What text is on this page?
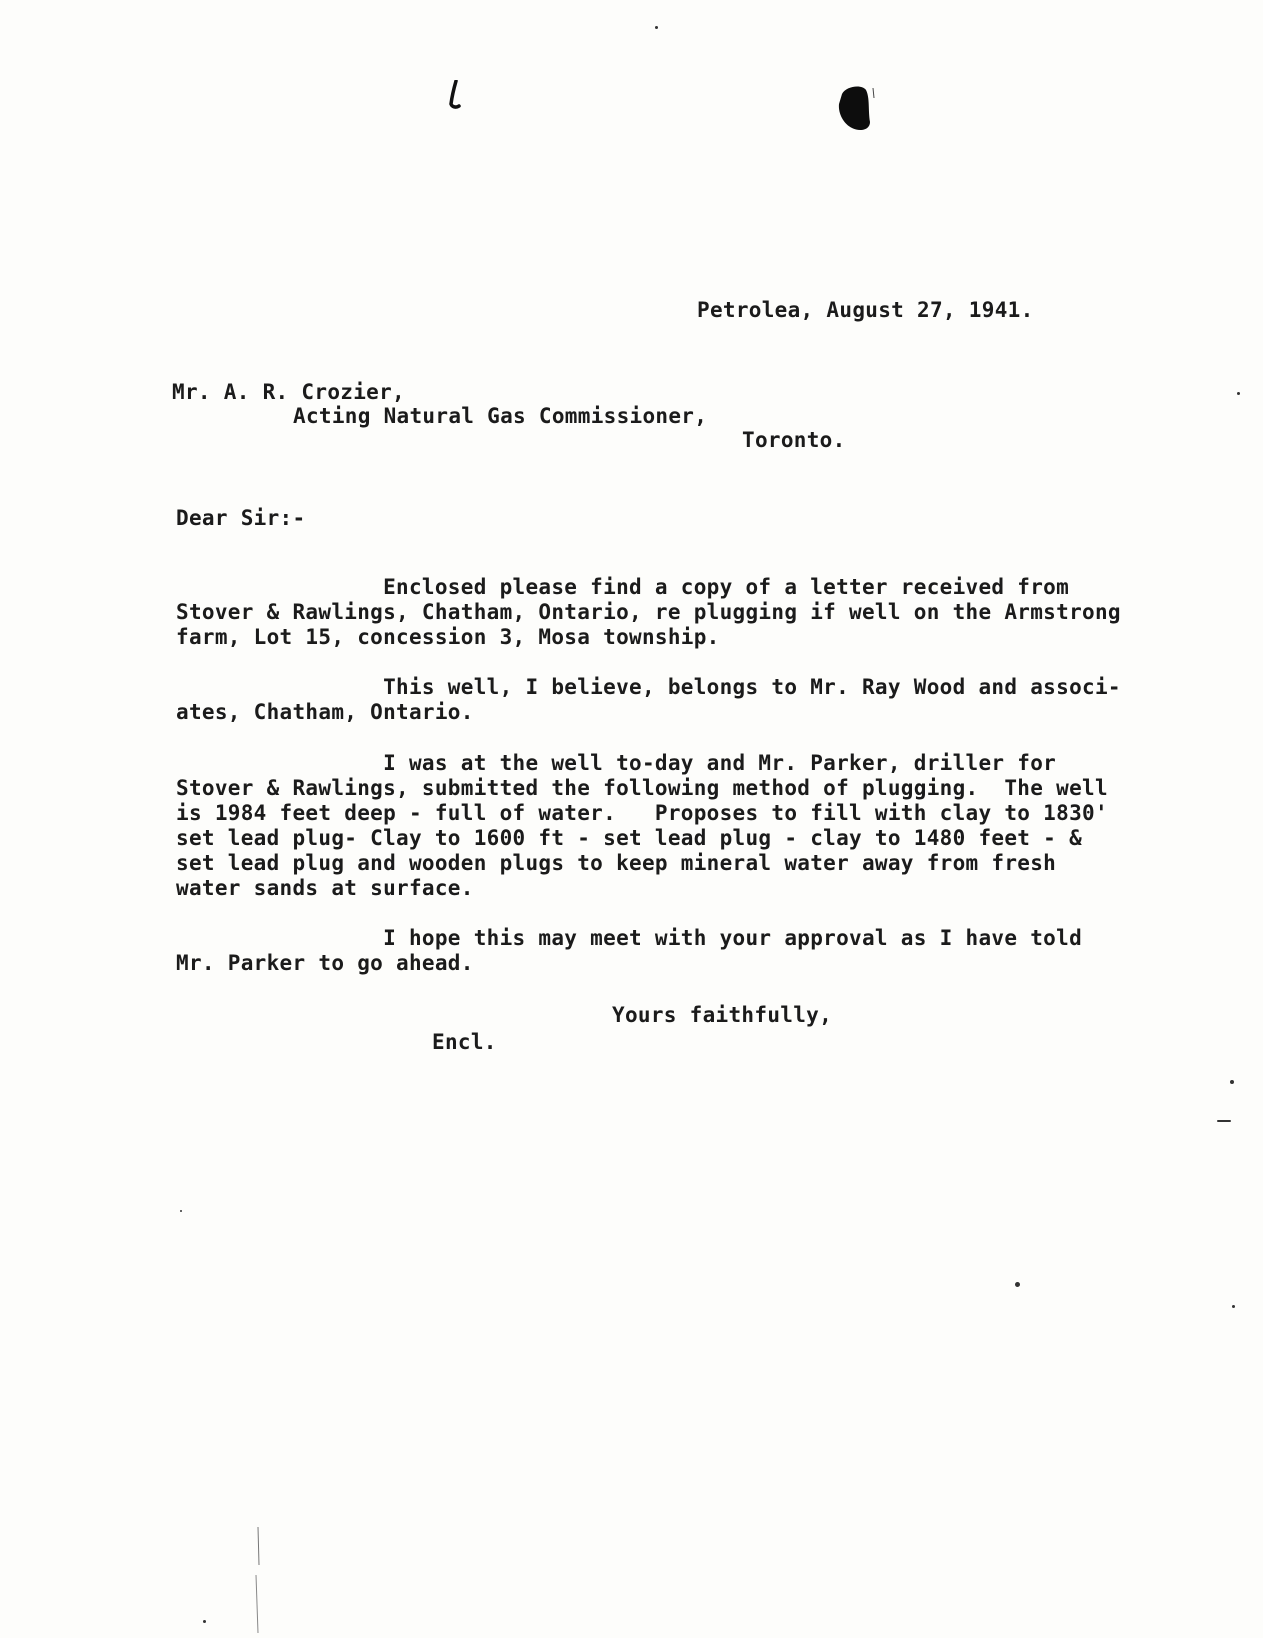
Petrolea, August 27, 1941.
Mr. A. R. Crozier,
Acting Natural Gas Commissioner,
Toronto.
Dear Sir:-
Enclosed please find a copy of a letter received from
Stover & Rawlings, Chatham, Ontario, re plugging if well on the Armstrong
farm, Lot 15, concession 3, Mosa township.
This well, I believe, belongs to Mr. Ray Wood and associ-
ates, Chatham, Ontario.
I was at the well to-day and Mr. Parker, driller for
Stover & Rawlings, submitted the following method of plugging.  The well
is 1984 feet deep - full of water.   Proposes to fill with clay to 1830'
set lead plug- Clay to 1600 ft - set lead plug - clay to 1480 feet - &
set lead plug and wooden plugs to keep mineral water away from fresh
water sands at surface.
I hope this may meet with your approval as I have told
Mr. Parker to go ahead.
Yours faithfully,
Encl.
